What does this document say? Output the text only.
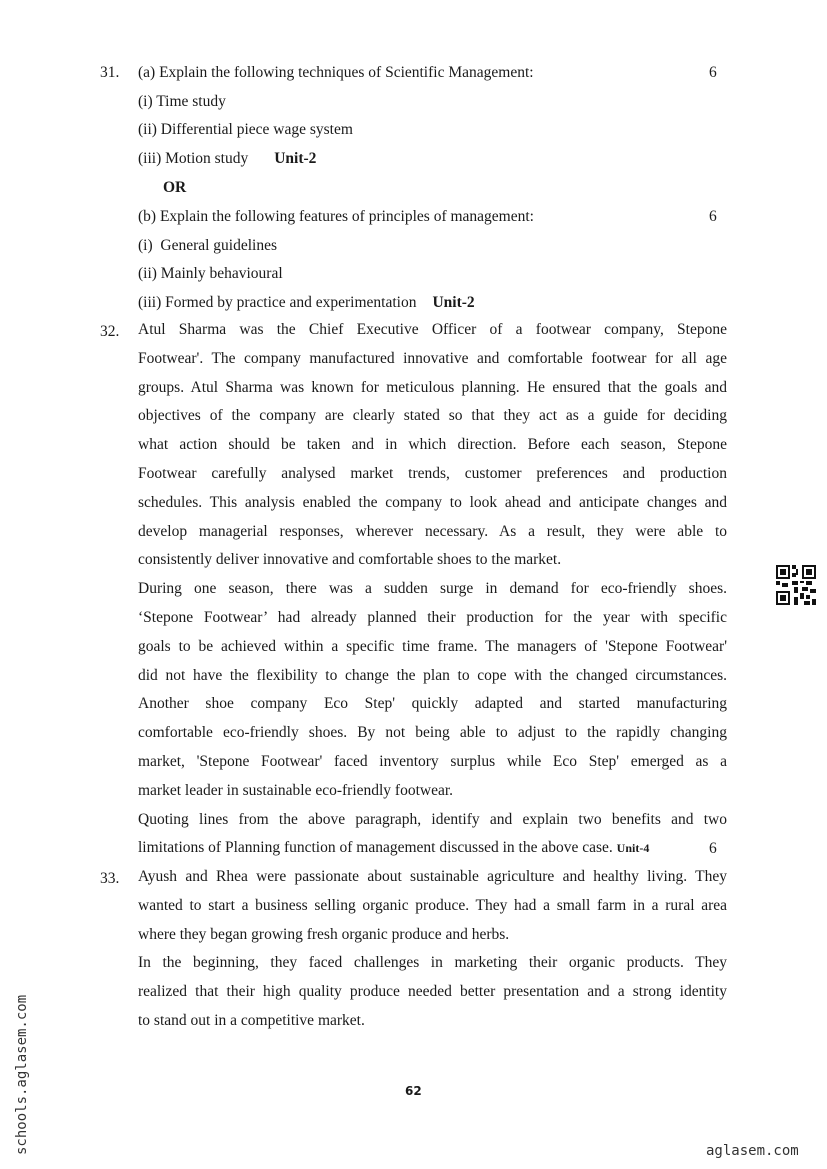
31. (a) Explain the following techniques of Scientific Management:	6
(i) Time study
(ii) Differential piece wage system
(iii) Motion study Unit-2
OR
(b) Explain the following features of principles of management:	6
(i)  General guidelines
(ii) Mainly behavioural
(iii) Formed by practice and experimentation Unit-2
32. Atul Sharma was the Chief Executive Officer of a footwear company, Stepone
Footwear'. The company manufactured innovative and comfortable footwear for all age
groups. Atul Sharma was known for meticulous planning. He ensured that the goals and
objectives of the company are clearly stated so that they act as a guide for deciding
what action should be taken and in which direction. Before each season, Stepone
Footwear carefully analysed market trends, customer preferences and production
schedules. This analysis enabled the company to look ahead and anticipate changes and
develop managerial responses, wherever necessary. As a result, they were able to
consistently deliver innovative and comfortable shoes to the market.
During one season, there was a sudden surge in demand for eco-friendly shoes.
‘Stepone Footwear’ had already planned their production for the year with specific
goals to be achieved within a specific time frame. The managers of 'Stepone Footwear'
did not have the flexibility to change the plan to cope with the changed circumstances.
Another shoe company Eco Step' quickly adapted and started manufacturing
comfortable eco-friendly shoes. By not being able to adjust to the rapidly changing
market, 'Stepone Footwear' faced inventory surplus while Eco Step' emerged as a
market leader in sustainable eco-friendly footwear.
Quoting lines from the above paragraph, identify and explain two benefits and two
limitations of Planning function of management discussed in the above case. Unit-4	6
33. Ayush and Rhea were passionate about sustainable agriculture and healthy living. They
wanted to start a business selling organic produce. They had a small farm in a rural area
where they began growing fresh organic produce and herbs.
In the beginning, they faced challenges in marketing their organic products. They
realized that their high quality produce needed better presentation and a strong identity
to stand out in a competitive market.
62
schools.aglasem.com	aglasem.com
